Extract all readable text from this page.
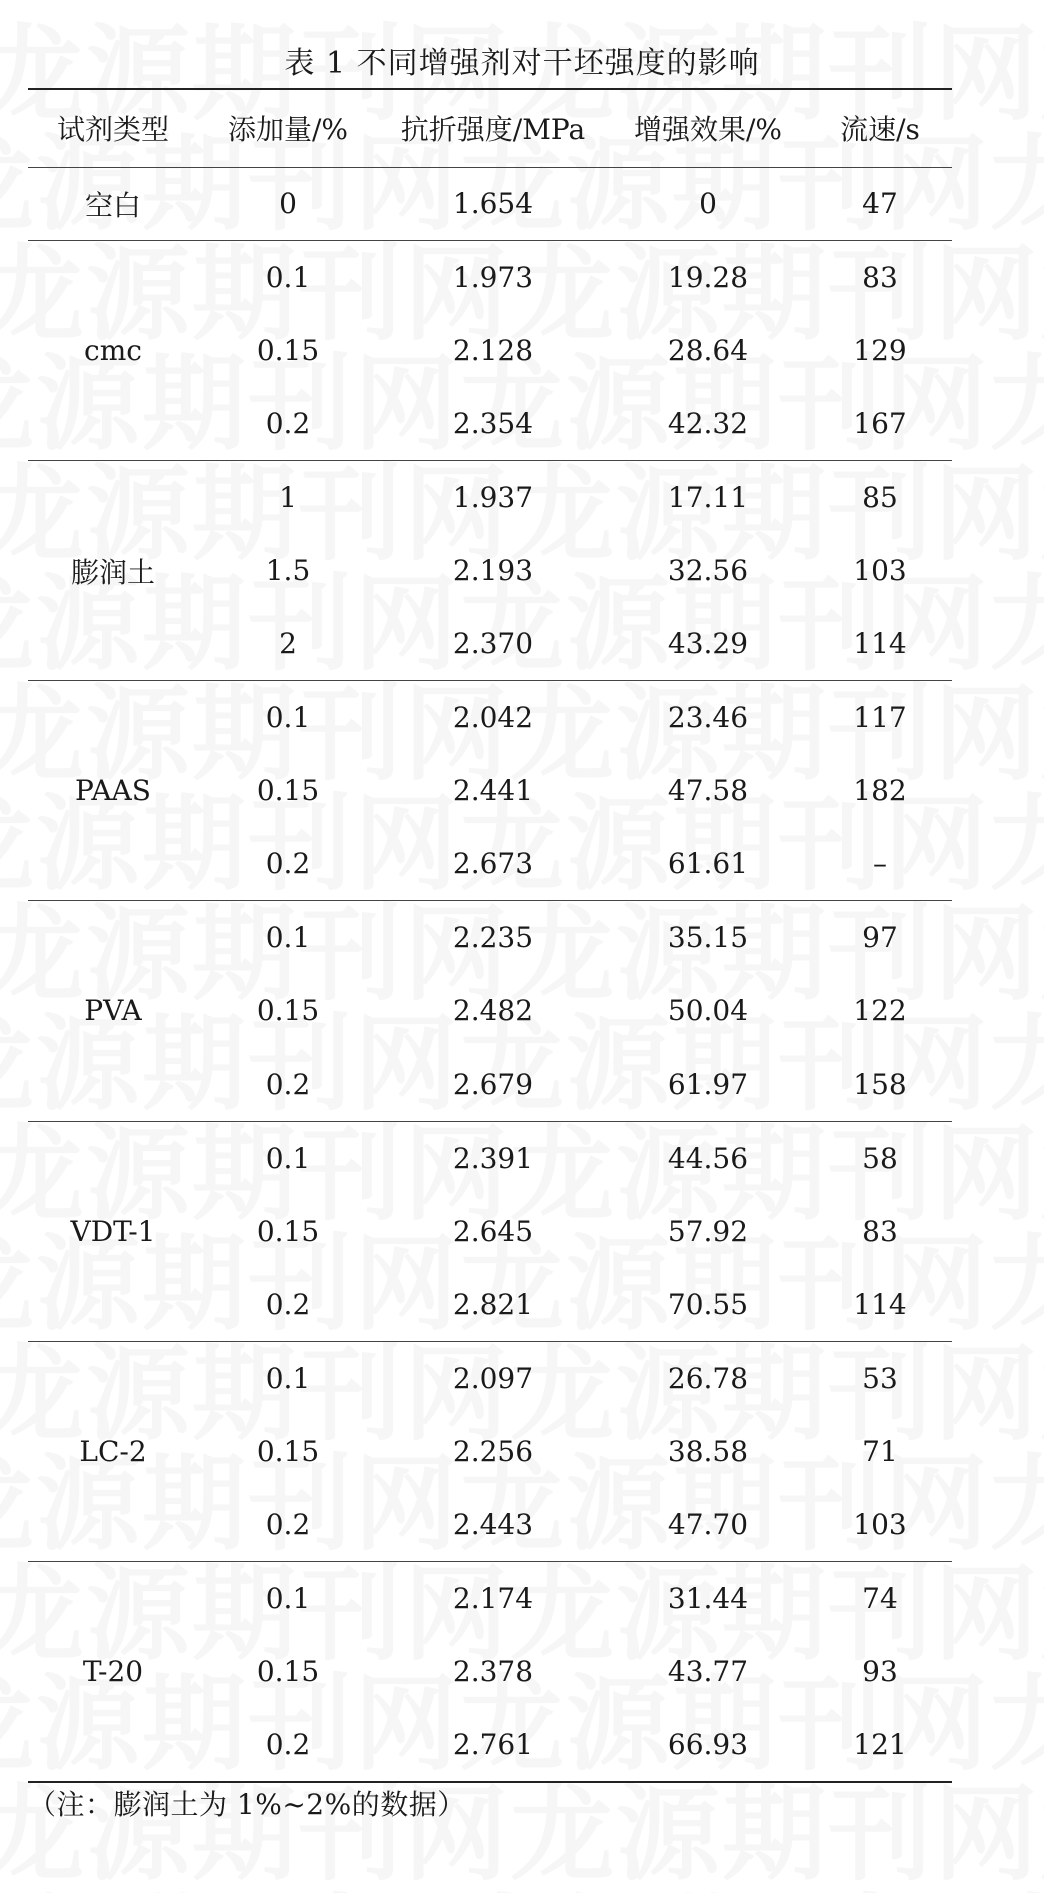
表 1 不同增强剂对干坯强度的影响
试剂类型	添加量/%	抗折强度/MPa	增强效果/%	流速/s
空白	0	1.654	0	47
cmc	0.1	1.973	19.28	83
	0.15	2.128	28.64	129
	0.2	2.354	42.32	167
膨润土	1	1.937	17.11	85
	1.5	2.193	32.56	103
	2	2.370	43.29	114
PAAS	0.1	2.042	23.46	117
	0.15	2.441	47.58	182
	0.2	2.673	61.61	–
PVA	0.1	2.235	35.15	97
	0.15	2.482	50.04	122
	0.2	2.679	61.97	158
VDT-1	0.1	2.391	44.56	58
	0.15	2.645	57.92	83
	0.2	2.821	70.55	114
LC-2	0.1	2.097	26.78	53
	0.15	2.256	38.58	71
	0.2	2.443	47.70	103
T-20	0.1	2.174	31.44	74
	0.15	2.378	43.77	93
	0.2	2.761	66.93	121
（注：膨润土为 1%~2%的数据）
